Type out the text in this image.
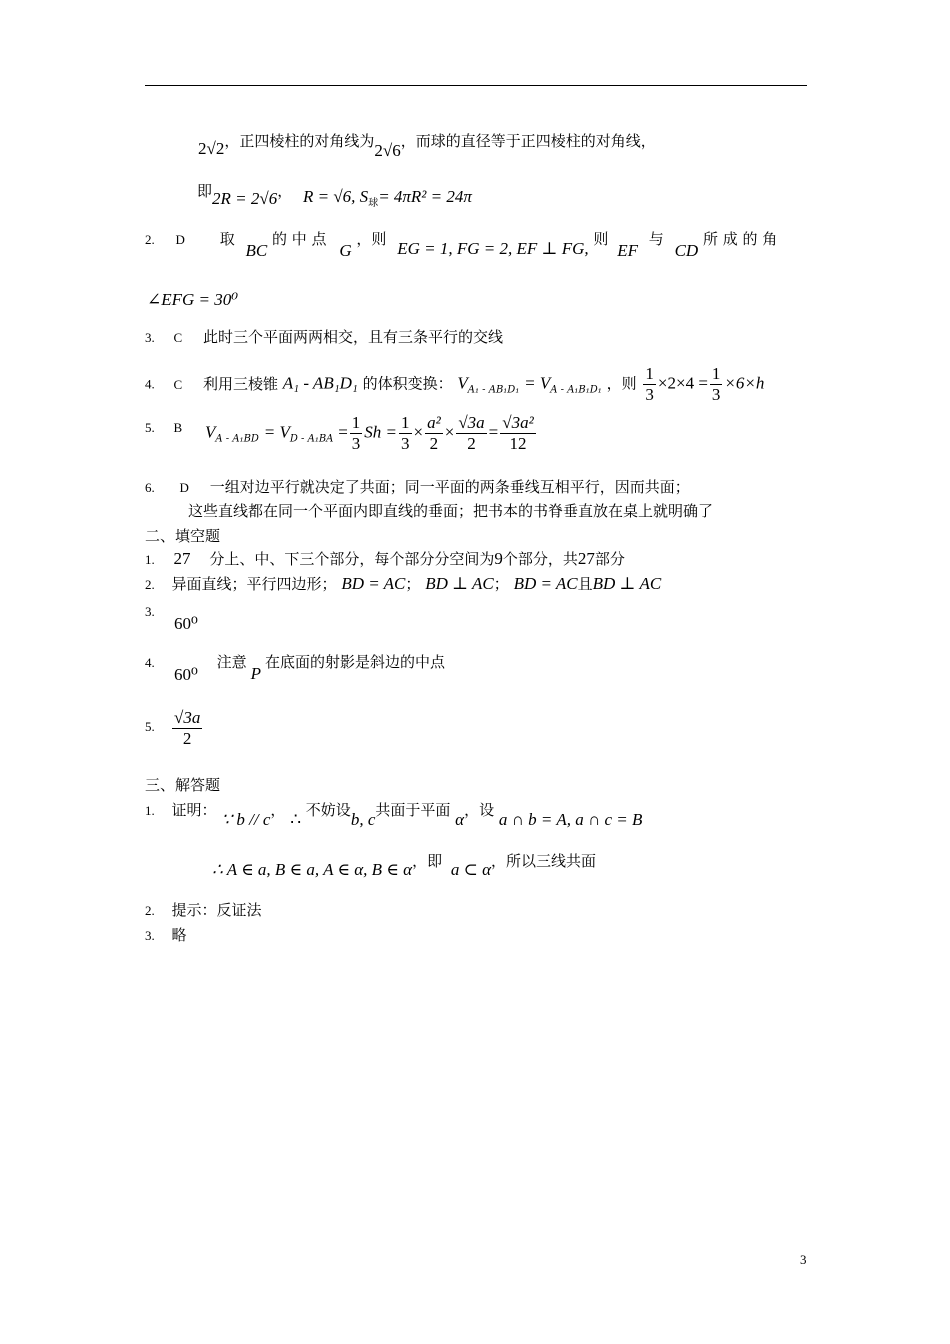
2√2，正四棱柱的对角线为2√6，而球的直径等于正四棱柱的对角线，
即2R = 2√6， R = √6, $S_球= 4\pi R^2 = 24\pi$
2. D 取 BC 的 中 点 G ，则 EG = 1, FG = 2, EF ⊥ FG, 则 EF 与 CD 所 成 的 角
∠EFG = 30⁰
3. C 此时三个平面两两相交，且有三条平行的交线
4. C 利用三棱锥 A₁ - AB₁D₁ 的体积变换： $V_{A_1 - AB_1D_1} = V_{A - A_1B_1D_1}$ ，则 $\frac{1}{3} \times 2\times 4 = \frac{1}{3} \times 6\times h$
5. B $V_{A - A_1BD} = V_{D - A_1BA} = \frac{1}{3}$ $Sh = \frac{1}{3} \times \frac{\text{a²}}{2} \times \frac{√3a}{2} = \frac{\text{√3a²}}{12}$
6. D 一组对边平行就决定了共面；同一平面的两条垂线互相平行，因而共面；
这些直线都在同一个平面内即直线的垂面；把书本的书脊垂直放在桌上就明确了
二、填空题
1. 27 分上、中、下三个部分，每个部分分空间为9个部分，共27部分
2. 异面直线；平行四边形； BD = AC； BD ⊥ AC； BD = AC且BD ⊥ AC
3.
60⁰
4.
60⁰ 注意P在底面的射影是斜边的中点
5. $\frac{√3a}{2}$
三、解答题
1. 证明： ∵ b // c， ∴ 不妨设b, c共面于平面 α，设 a ∩ b = A, a ∩ c = B
∴ A ∈ a, B ∈ a, A ∈ α, B ∈ α，即 a ⊂ α，所以三线共面
2. 提示：反证法
3. 略
3
